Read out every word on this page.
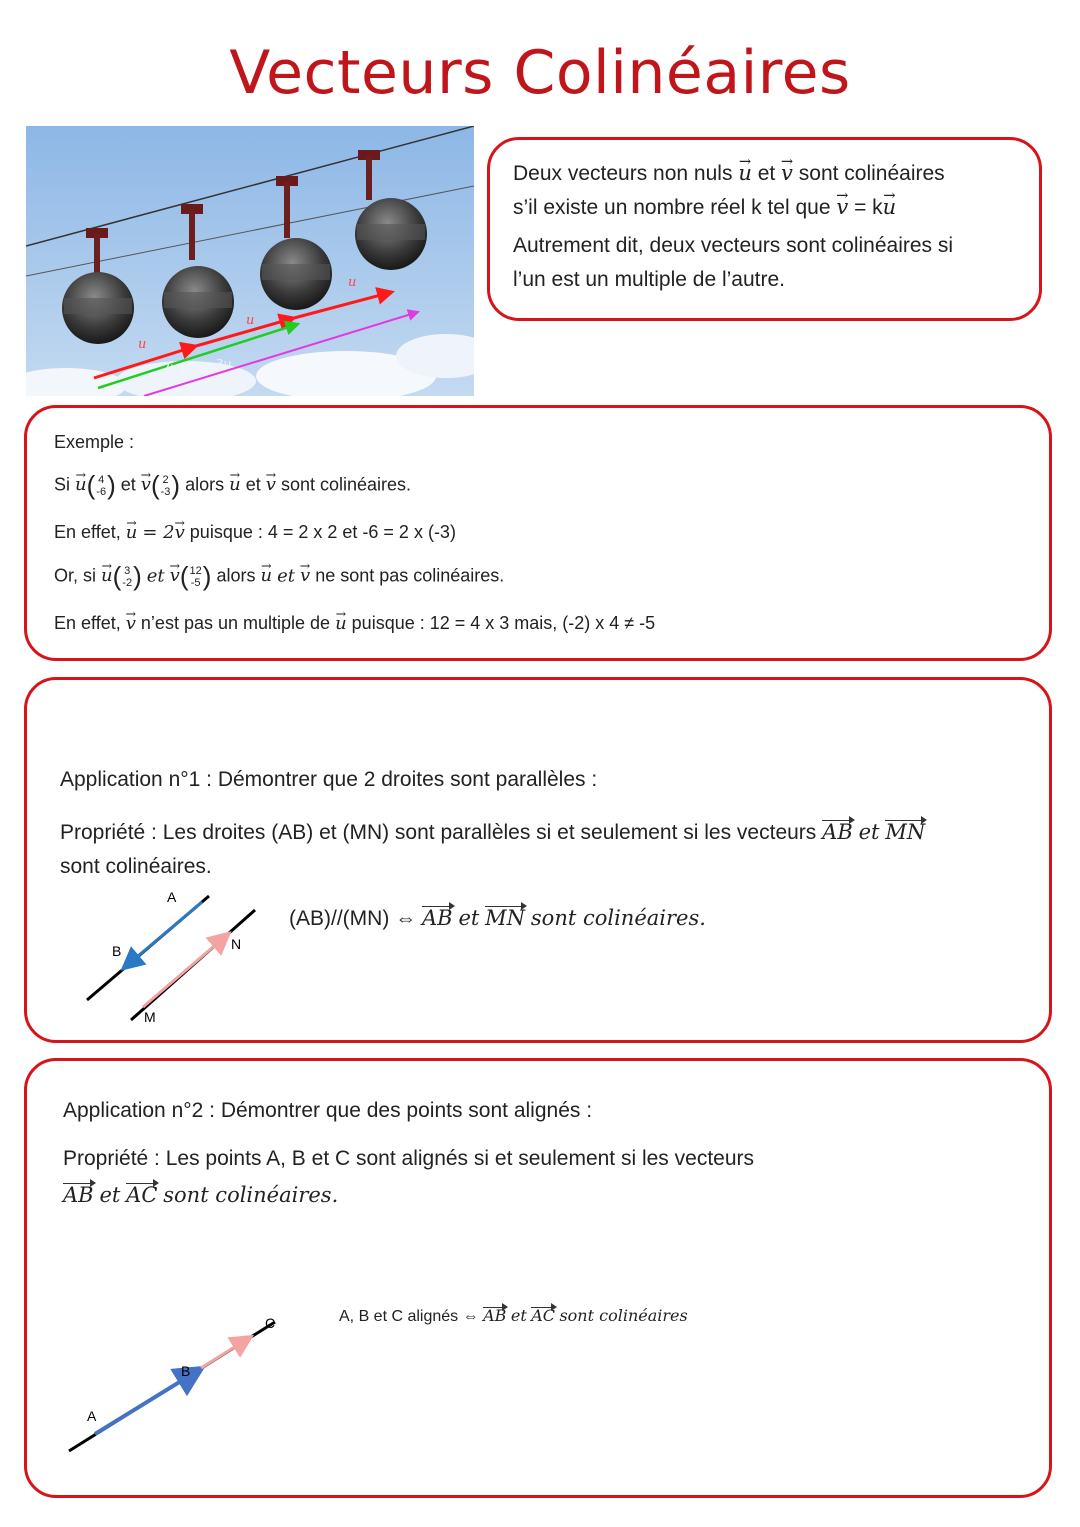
Vecteurs Colinéaires
u
u
u
2u	3u
Deux vecteurs non nuls → u et → v sont colinéaires
s’il existe un nombre réel k tel que → v = k→ u
Autrement dit, deux vecteurs sont colinéaires si
l’un est un multiple de l’autre.
Exemple :
Si → u( 4
-6 ) et → v( 2
-3 ) alors → u et → v sont colinéaires.
En effet, → u = 2→ v puisque : 4 = 2 x 2 et -6 = 2 x (-3)
Or, si → u( 3
-2 ) et → v( 12
-5 ) alors → u et → v ne sont pas colinéaires.
En effet, → v n’est pas un multiple de → u puisque : 12 = 4 x 3 mais, (-2) x 4 ≠ -5
Application n°1 : Démontrer que 2 droites sont parallèles :
Propriété : Les droites (AB) et (MN) sont parallèles si et seulement si les vecteurs AB et MN
sont colinéaires.
(AB)//(MN) ⇔ AB et MN sont colinéaires.
A
B
M
N
Application n°2 : Démontrer que des points sont alignés :
Propriété : Les points A, B et C sont alignés si et seulement si les vecteurs
AB et AC sont colinéaires.
A, B et C alignés ⇔ AB et AC sont colinéaires
A
B
C
